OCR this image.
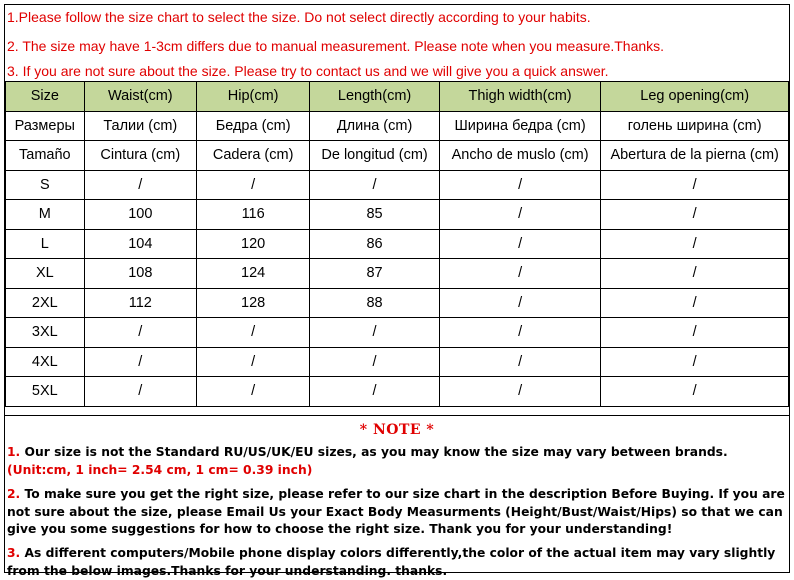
1.Please follow the size chart to select the size. Do not select directly according to your habits.
2. The size may have 1-3cm differs due to manual measurement. Please note when you measure.Thanks.
3. If you are not sure about the size. Please try to contact us and we will give you a quick answer.
Size	Waist(cm)	Hip(cm)	Length(cm)	Thigh width(cm)	Leg opening(cm)
Размеры	Талии (cm)	Бедра (cm)	Длина (cm)	Ширина бедра (cm)	голень ширина (cm)
Tamaño	Cintura (cm)	Cadera (cm)	De longitud (cm)	Ancho de muslo (cm)	Abertura de la pierna (cm)
S	/	/	/	/	/
M	100	116	85	/	/
L	104	120	86	/	/
XL	108	124	87	/	/
2XL	112	128	88	/	/
3XL	/	/	/	/	/
4XL	/	/	/	/	/
5XL	/	/	/	/	/
* NOTE *
1. Our size is not the Standard RU/US/UK/EU sizes, as you may know the size may vary between brands.
(Unit:cm, 1 inch= 2.54 cm, 1 cm= 0.39 inch)
2. To make sure you get the right size, please refer to our size chart in the description Before Buying. If you are
not sure about the size, please Email Us your Exact Body Measurments (Height/Bust/Waist/Hips) so that we can
give you some suggestions for how to choose the right size. Thank you for your understanding!
3. As different computers/Mobile phone display colors differently,the color of the actual item may vary slightly
from the below images.Thanks for your understanding. thanks.
